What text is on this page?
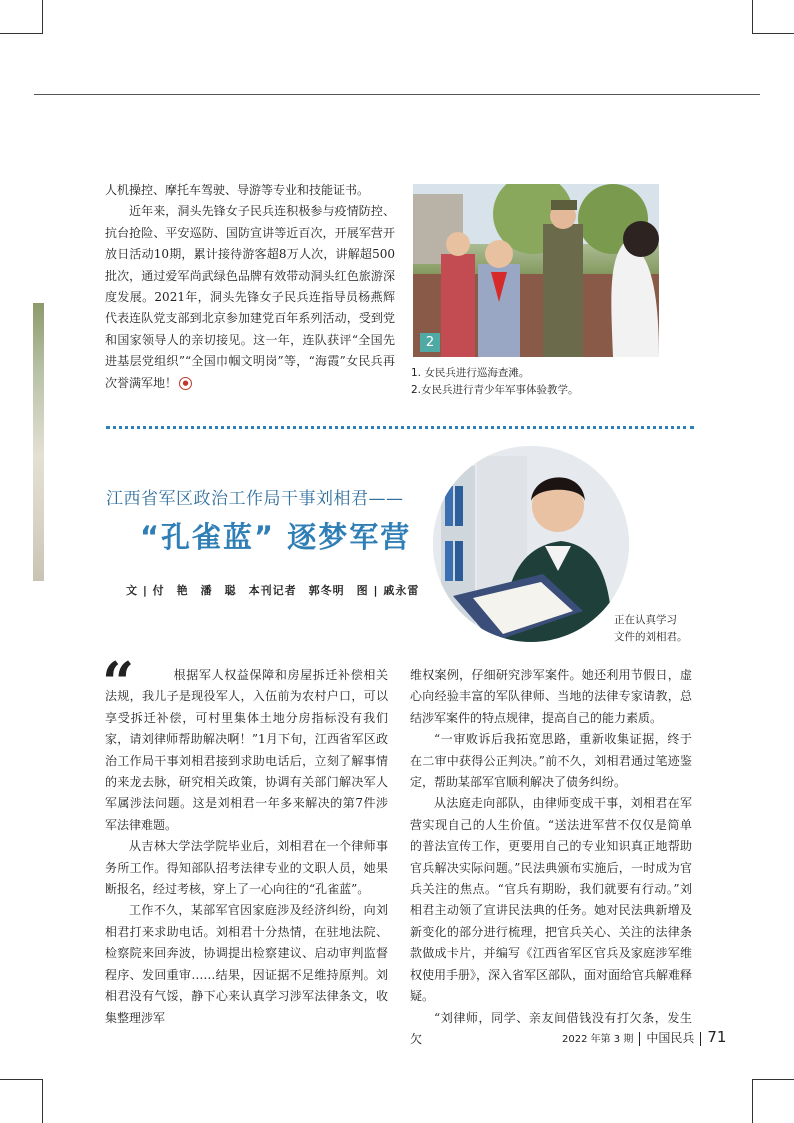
人机操控、摩托车驾驶、导游等专业和技能证书。

近年来，洞头先锋女子民兵连积极参与疫情防控、抗台抢险、平安巡防、国防宣讲等近百次，开展军营开放日活动10期，累计接待游客超8万人次，讲解超500批次，通过爱军尚武绿色品牌有效带动洞头红色旅游深度发展。2021年，洞头先锋女子民兵连指导员杨燕辉代表连队党支部到北京参加建党百年系列活动，受到党和国家领导人的亲切接见。这一年，连队获评“全国先进基层党组织”“全国巾帼文明岗”等，“海霞”女民兵再次誉满军地！ ●

2
1. 女民兵进行巡海查滩。
2.女民兵进行青少年军事体验教学。
江西省军区政治工作局干事刘相君——
“孔雀蓝” 逐梦军营
文 | 付　艳　潘　聪　本刊记者　郭冬明　图 | 戚永雷
正在认真学习
文件的刘相君。
“	根据军人权益保障和房屋拆迁补偿相关法规，我儿子是现役军人，入伍前为农村户口，可以享受拆迁补偿，可村里集体土地分房指标没有我们家，请刘律师帮助解决啊！”1月下旬，江西省军区政治工作局干事刘相君接到求助电话后，立刻了解事情的来龙去脉，研究相关政策，协调有关部门解决军人军属涉法问题。这是刘相君一年多来解决的第7件涉军法律难题。

从吉林大学法学院毕业后，刘相君在一个律师事务所工作。得知部队招考法律专业的文职人员，她果断报名，经过考核，穿上了一心向往的“孔雀蓝”。

工作不久，某部军官因家庭涉及经济纠纷，向刘相君打来求助电话。刘相君十分热情，在驻地法院、检察院来回奔波，协调提出检察建议、启动审判监督程序、发回重审……结果，因证据不足维持原判。刘相君没有气馁，静下心来认真学习涉军法律条文，收集整理涉军

维权案例，仔细研究涉军案件。她还利用节假日，虚心向经验丰富的军队律师、当地的法律专家请教，总结涉军案件的特点规律，提高自己的能力素质。

“一审败诉后我拓宽思路，重新收集证据，终于在二审中获得公正判决。”前不久，刘相君通过笔迹鉴定，帮助某部军官顺利解决了债务纠纷。

从法庭走向部队，由律师变成干事，刘相君在军营实现自己的人生价值。“送法进军营不仅仅是简单的普法宣传工作，更要用自己的专业知识真正地帮助官兵解决实际问题。”民法典颁布实施后，一时成为官兵关注的焦点。“官兵有期盼，我们就要有行动。”刘相君主动领了宣讲民法典的任务。她对民法典新增及新变化的部分进行梳理，把官兵关心、关注的法律条款做成卡片，并编写《江西省军区官兵及家庭涉军维权使用手册》，深入省军区部队，面对面给官兵解难释疑。

“刘律师，同学、亲友间借钱没有打欠条，发生欠	2022 年第 3 期 中国民兵 71
